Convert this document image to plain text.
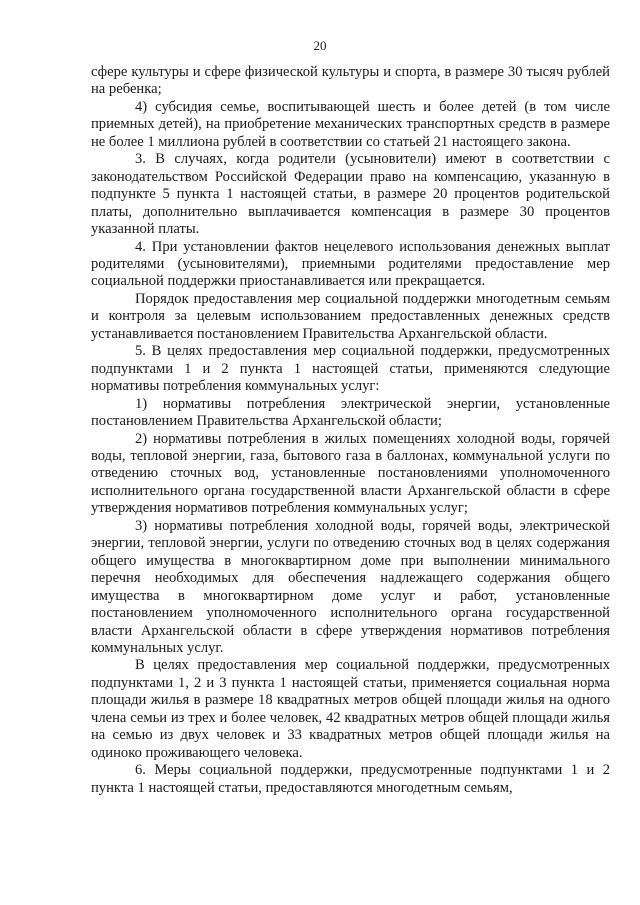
20

сфере культуры и сфере физической культуры и спорта, в размере 30 тысяч рублей на ребенка;

4) субсидия семье, воспитывающей шесть и более детей (в том числе приемных детей), на приобретение механических транспортных средств в размере не более 1 миллиона рублей в соответствии со статьей 21 настоящего закона.

3. В случаях, когда родители (усыновители) имеют в соответствии с законодательством Российской Федерации право на компенсацию, указанную в подпункте 5 пункта 1 настоящей статьи, в размере 20 процентов родительской платы, дополнительно выплачивается компенсация в размере 30 процентов указанной платы.

4. При установлении фактов нецелевого использования денежных выплат родителями (усыновителями), приемными родителями предоставление мер социальной поддержки приостанавливается или прекращается.

Порядок предоставления мер социальной поддержки многодетным семьям и контроля за целевым использованием предоставленных денежных средств устанавливается постановлением Правительства Архангельской области.

5. В целях предоставления мер социальной поддержки, предусмотренных подпунктами 1 и 2 пункта 1 настоящей статьи, применяются следующие нормативы потребления коммунальных услуг:

1) нормативы потребления электрической энергии, установленные постановлением Правительства Архангельской области;

2) нормативы потребления в жилых помещениях холодной воды, горячей воды, тепловой энергии, газа, бытового газа в баллонах, коммунальной услуги по отведению сточных вод, установленные постановлениями уполномоченного исполнительного органа государственной власти Архангельской области в сфере утверждения нормативов потребления коммунальных услуг;

3) нормативы потребления холодной воды, горячей воды, электрической энергии, тепловой энергии, услуги по отведению сточных вод в целях содержания общего имущества в многоквартирном доме при выполнении минимального перечня необходимых для обеспечения надлежащего содержания общего имущества в многоквартирном доме услуг и работ, установленные постановлением уполномоченного исполнительного органа государственной власти Архангельской области в сфере утверждения нормативов потребления коммунальных услуг.

В целях предоставления мер социальной поддержки, предусмотренных подпунктами 1, 2 и 3 пункта 1 настоящей статьи, применяется социальная норма площади жилья в размере 18 квадратных метров общей площади жилья на одного члена семьи из трех и более человек, 42 квадратных метров общей площади жилья на семью из двух человек и 33 квадратных метров общей площади жилья на одиноко проживающего человека.

6. Меры социальной поддержки, предусмотренные подпунктами 1 и 2 пункта 1 настоящей статьи, предоставляются многодетным семьям,
